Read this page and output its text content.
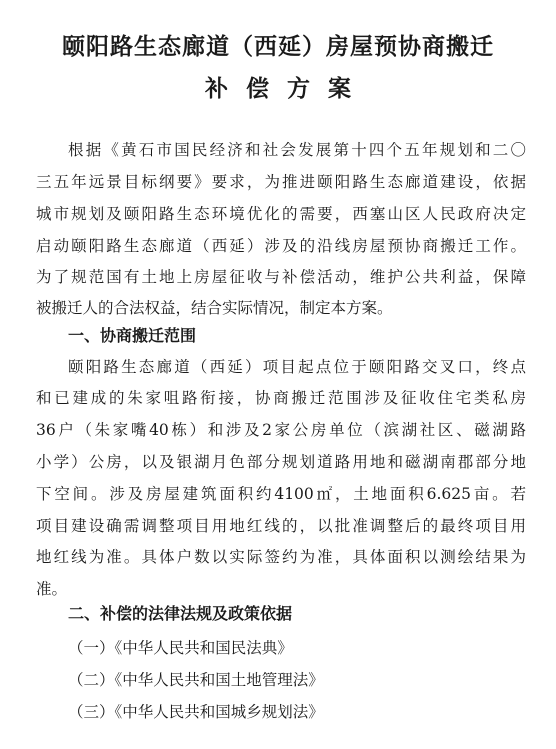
颐阳路生态廊道（西延）房屋预协商搬迁
补偿方案
根据《黄石市国民经济和社会发展第十四个五年规划和二〇
三五年远景目标纲要》要求，为推进颐阳路生态廊道建设，依据
城市规划及颐阳路生态环境优化的需要，西塞山区人民政府决定
启动颐阳路生态廊道（西延）涉及的沿线房屋预协商搬迁工作。
为了规范国有土地上房屋征收与补偿活动，维护公共利益，保障
被搬迁人的合法权益，结合实际情况，制定本方案。
一、协商搬迁范围
颐阳路生态廊道（西延）项目起点位于颐阳路交叉口，终点
和已建成的朱家咀路衔接，协商搬迁范围涉及征收住宅类私房
36户（朱家嘴40栋）和涉及2家公房单位（滨湖社区、磁湖路
小学）公房，以及银湖月色部分规划道路用地和磁湖南郡部分地
下空间。涉及房屋建筑面积约4100㎡，土地面积6.625亩。若
项目建设确需调整项目用地红线的，以批准调整后的最终项目用
地红线为准。具体户数以实际签约为准，具体面积以测绘结果为
准。
二、补偿的法律法规及政策依据
（一）《中华人民共和国民法典》
（二）《中华人民共和国土地管理法》
（三）《中华人民共和国城乡规划法》
